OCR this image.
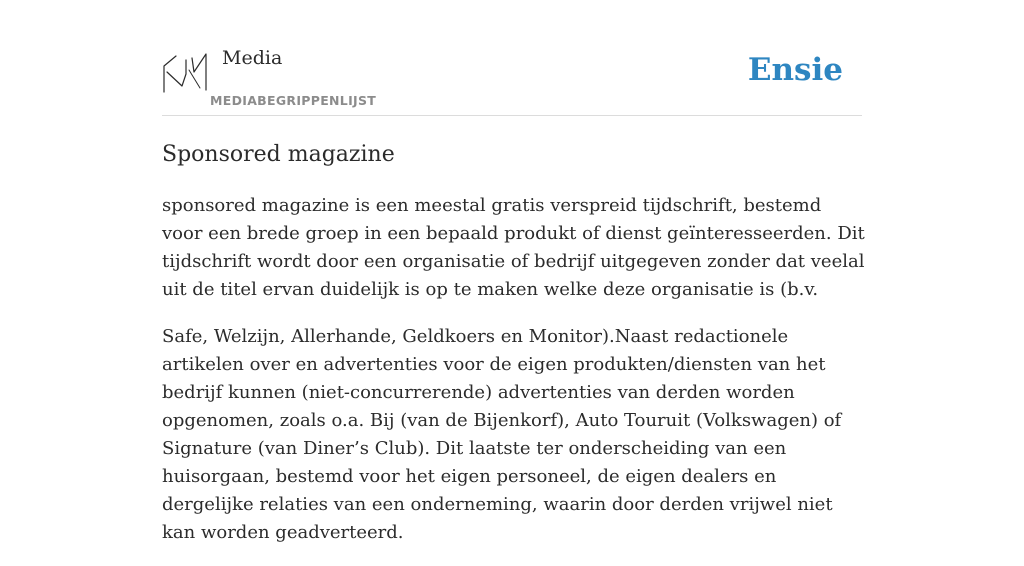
Media
MEDIABEGRIPPENLIJST
Ensie
Sponsored magazine

sponsored magazine is een meestal gratis verspreid tijdschrift, bestemd voor een brede groep in een bepaald produkt of dienst geïnteresseerden. Dit tijdschrift wordt door een organisatie of bedrijf uitgegeven zonder dat veelal uit de titel ervan duidelijk is op te maken welke deze organisatie is (b.v.

Safe, Welzijn, Allerhande, Geldkoers en Monitor).Naast redactionele artikelen over en advertenties voor de eigen produkten/diensten van het bedrijf kunnen (niet-concurrerende) advertenties van derden worden opgenomen, zoals o.a. Bij (van de Bijenkorf), Auto Touruit (Volkswagen) of Signature (van Diner’s Club). Dit laatste ter onderscheiding van een huisorgaan, bestemd voor het eigen personeel, de eigen dealers en dergelijke relaties van een onderneming, waarin door derden vrijwel niet kan worden geadverteerd.
